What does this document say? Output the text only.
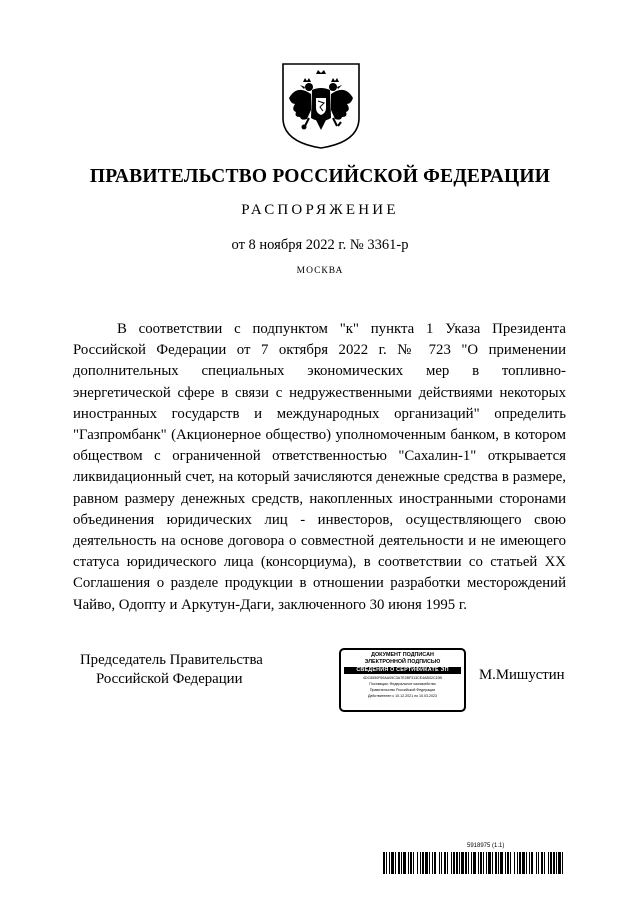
ПРАВИТЕЛЬСТВО РОССИЙСКОЙ ФЕДЕРАЦИИ
РАСПОРЯЖЕНИЕ
от 8 ноября 2022 г. № 3361-р
МОСКВА

В соответствии с подпунктом "к" пункта 1 Указа Президента Российской Федерации от 7 октября 2022 г. № 723 "О применении дополнительных специальных экономических мер в топливно-энергетической сфере в связи с недружественными действиями некоторых иностранных государств и международных организаций" определить "Газпромбанк" (Акционерное общество) уполномоченным банком, в котором обществом с ограниченной ответственностью "Сахалин-1" открывается ликвидационный счет, на который зачисляются денежные средства в размере, равном размеру денежных средств, накопленных иностранными сторонами объединения юридических лиц - инвесторов, осуществляющего свою деятельность на основе договора о совместной деятельности и не имеющего статуса юридического лица (консорциума), в соответствии со статьей XX Соглашения о разделе продукции в отношении разработки месторождений Чайво, Одопту и Аркутун-Даги, заключенного 30 июня 1995 г.

Председатель Правительства
Российской Федерации
ДОКУМЕНТ ПОДПИСАН
ЭЛЕКТРОННОЙ ПОДПИСЬЮ
СВЕДЕНИЯ О СЕРТИФИКАТЕ ЭП
4DC8550F69AA09C3A7E2BF313CE4AB02C19B
Поставщик: Федеральное казначейство
Правительство Российской Федерации
Действителен с 10.12.2021 по 10.03.2023
М.Мишустин
5918975 (1.1)
